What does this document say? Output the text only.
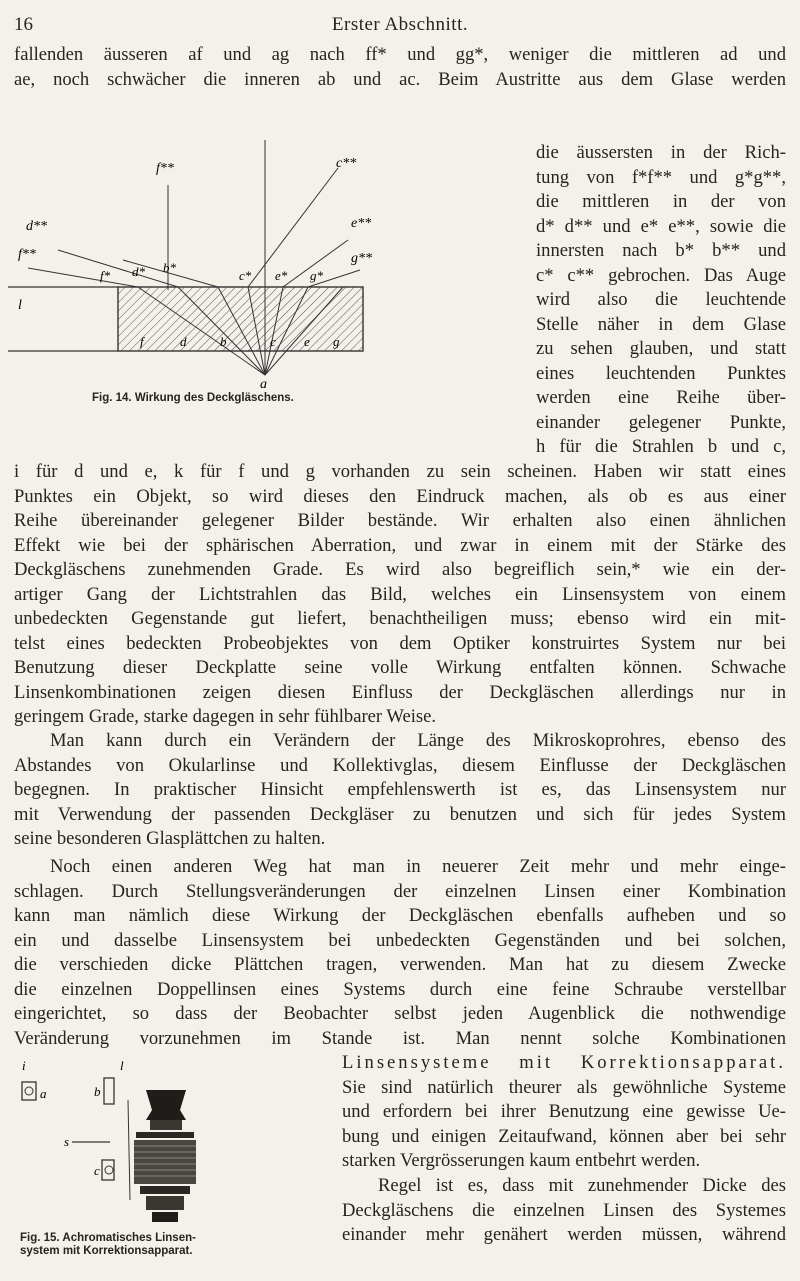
16	Erster Abschnitt.
fallenden äusseren af und ag nach ff* und gg*, weniger die mittleren ad und
ae, noch schwächer die inneren ab und ac. Beim Austritte aus dem Glase werden
f**
d**
f**
l
c**
e**
g**
f* d* b*
c* e* g*
f	d	b	c e g
a
Fig. 14. Wirkung des Deckgläschens.
die äussersten in der Rich-
tung von f*f** und g*g**,
die mittleren in der von
d* d** und e* e**, sowie die
innersten nach b* b** und
c* c** gebrochen. Das Auge
wird also die leuchtende
Stelle näher in dem Glase
zu sehen glauben, und statt
eines leuchtenden Punktes
werden eine Reihe über-
einander gelegener Punkte,
h für die Strahlen b und c,
i für d und e, k für f und g vorhanden zu sein scheinen. Haben wir statt eines
Punktes ein Objekt, so wird dieses den Eindruck machen, als ob es aus einer
Reihe übereinander gelegener Bilder bestände. Wir erhalten also einen ähnlichen
Effekt wie bei der sphärischen Aberration, und zwar in einem mit der Stärke des
Deckgläschens zunehmenden Grade. Es wird also begreiflich sein,* wie ein der-
artiger Gang der Lichtstrahlen das Bild, welches ein Linsensystem von einem
unbedeckten Gegenstande gut liefert, benachtheiligen muss; ebenso wird ein mit-
telst eines bedeckten Probeobjektes von dem Optiker konstruirtes System nur bei
Benutzung dieser Deckplatte seine volle Wirkung entfalten können. Schwache
Linsenkombinationen zeigen diesen Einfluss der Deckgläschen allerdings nur in
geringem Grade, starke dagegen in sehr fühlbarer Weise.
Man kann durch ein Verändern der Länge des Mikroskoprohres, ebenso des
Abstandes von Okularlinse und Kollektivglas, diesem Einflusse der Deckgläschen
begegnen. In praktischer Hinsicht empfehlenswerth ist es, das Linsensystem nur
mit Verwendung der passenden Deckgläser zu benutzen und sich für jedes System
seine besonderen Glasplättchen zu halten.
Noch einen anderen Weg hat man in neuerer Zeit mehr und mehr einge-
schlagen. Durch Stellungsveränderungen der einzelnen Linsen einer Kombination
kann man nämlich diese Wirkung der Deckgläschen ebenfalls aufheben und so
ein und dasselbe Linsensystem bei unbedeckten Gegenständen und bei solchen,
die verschieden dicke Plättchen tragen, verwenden. Man hat zu diesem Zwecke
die einzelnen Doppellinsen eines Systems durch eine feine Schraube verstellbar
eingerichtet, so dass der Beobachter selbst jeden Augenblick die nothwendige
Veränderung vorzunehmen im Stande ist. Man nennt solche Kombinationen
i
a	b
s
c
l
Fig. 15. Achromatisches Linsen-
system mit Korrektionsapparat.
Linsensysteme mit Korrektionsapparat.
Sie sind natürlich theurer als gewöhnliche Systeme
und erfordern bei ihrer Benutzung eine gewisse Ue-
bung und einigen Zeitaufwand, können aber bei sehr
starken Vergrösserungen kaum entbehrt werden.
Regel ist es, dass mit zunehmender Dicke des
Deckgläschens die einzelnen Linsen des Systemes
einander mehr genähert werden müssen, während
